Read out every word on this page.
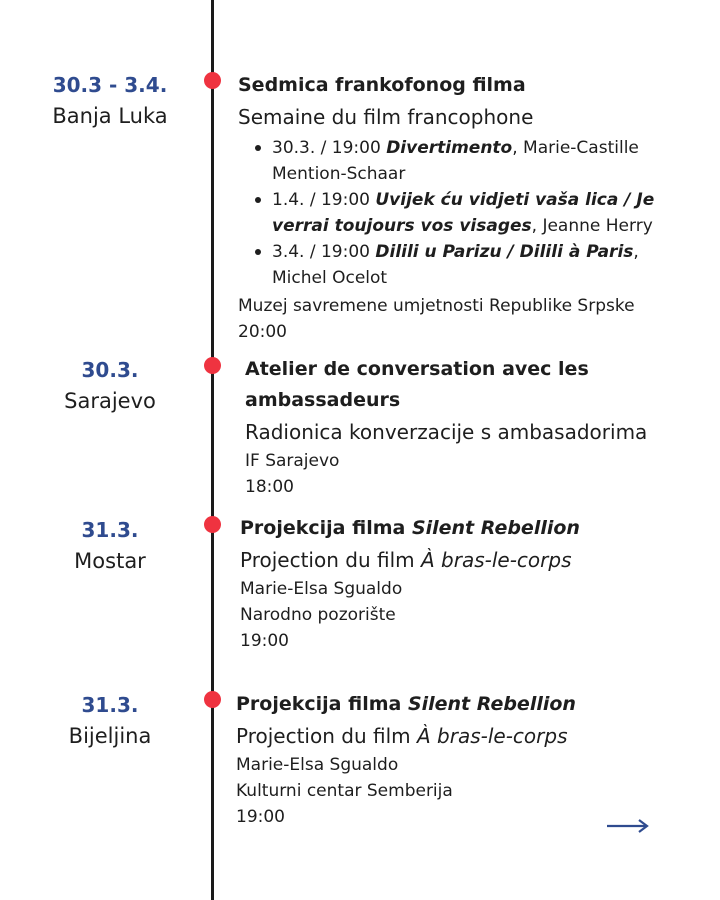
30.3 - 3.4.
Banja Luka
Sedmica frankofonog filma
Semaine du film francophone
30.3. / 19:00 Divertimento, Marie-Castille Mention-Schaar
1.4. / 19:00 Uvijek ću vidjeti vaša lica / Je verrai toujours vos visages, Jeanne Herry
3.4. / 19:00 Dilili u Parizu / Dilili à Paris, Michel Ocelot
Muzej savremene umjetnosti Republike Srpske
20:00
30.3.
Sarajevo
Atelier de conversation avec les ambassadeurs
Radionica konverzacije s ambasadorima
IF Sarajevo
18:00
31.3.
Mostar
Projekcija filma Silent Rebellion
Projection du film À bras-le-corps
Marie-Elsa Sgualdo
Narodno pozorište
19:00
31.3.
Bijeljina
Projekcija filma Silent Rebellion
Projection du film À bras-le-corps
Marie-Elsa Sgualdo
Kulturni centar Semberija
19:00
